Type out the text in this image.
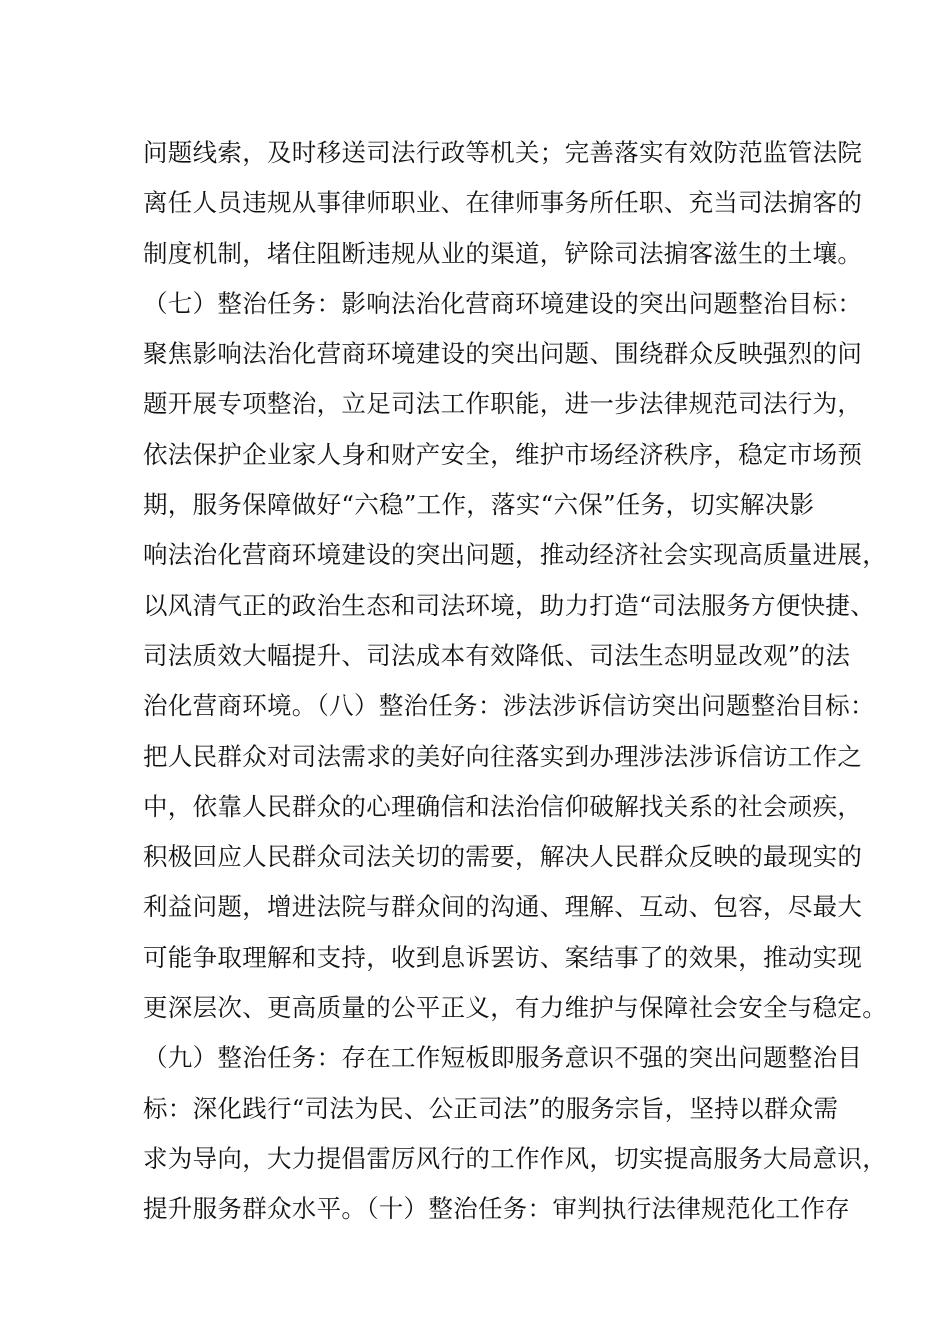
问题线索，及时移送司法行政等机关；完善落实有效防范监管法院
离任人员违规从事律师职业、在律师事务所任职、充当司法掮客的
制度机制，堵住阻断违规从业的渠道，铲除司法掮客滋生的土壤。
（七）整治任务：影响法治化营商环境建设的突出问题整治目标：
聚焦影响法治化营商环境建设的突出问题、围绕群众反映强烈的问
题开展专项整治，立足司法工作职能，进一步法律规范司法行为，
依法保护企业家人身和财产安全，维护市场经济秩序，稳定市场预
期，服务保障做好“六稳”工作，落实“六保”任务，切实解决影
响法治化营商环境建设的突出问题，推动经济社会实现高质量进展，
以风清气正的政治生态和司法环境，助力打造“司法服务方便快捷、
司法质效大幅提升、司法成本有效降低、司法生态明显改观”的法
治化营商环境。（八）整治任务：涉法涉诉信访突出问题整治目标：
把人民群众对司法需求的美好向往落实到办理涉法涉诉信访工作之
中，依靠人民群众的心理确信和法治信仰破解找关系的社会顽疾，
积极回应人民群众司法关切的需要，解决人民群众反映的最现实的
利益问题，增进法院与群众间的沟通、理解、互动、包容，尽最大
可能争取理解和支持，收到息诉罢访、案结事了的效果，推动实现
更深层次、更高质量的公平正义，有力维护与保障社会安全与稳定。
（九）整治任务：存在工作短板即服务意识不强的突出问题整治目
标：深化践行“司法为民、公正司法”的服务宗旨，坚持以群众需
求为导向，大力提倡雷厉风行的工作作风，切实提高服务大局意识，
提升服务群众水平。（十）整治任务：审判执行法律规范化工作存
